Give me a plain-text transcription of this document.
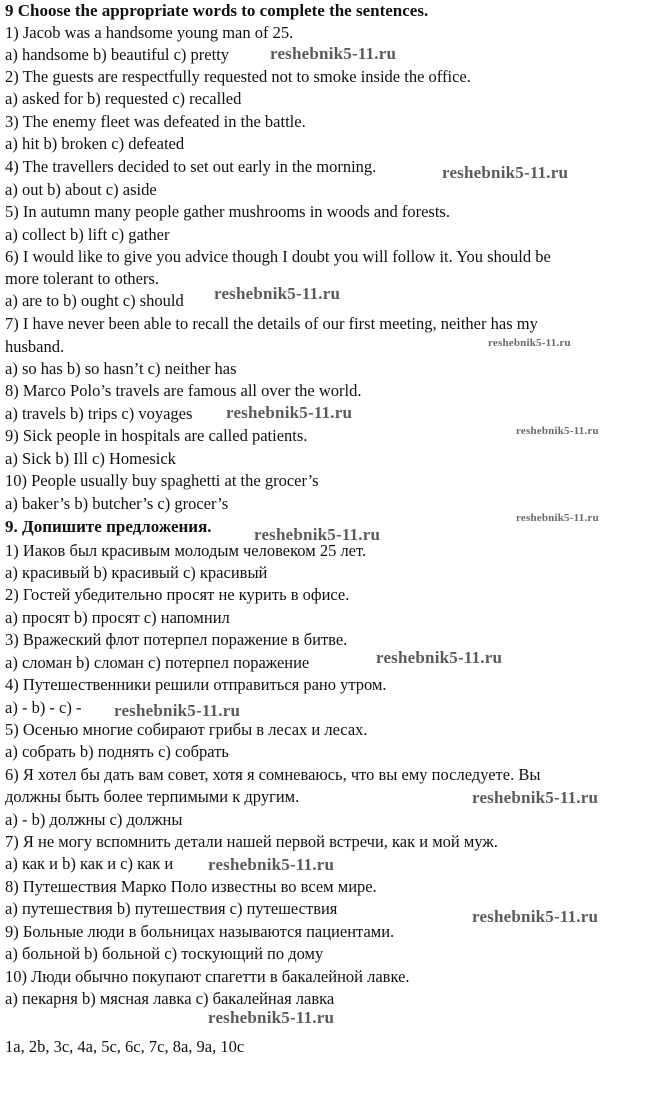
9 Choose the appropriate words to complete the sentences.
1) Jacob was a handsome young man of 25.
a) handsome b) beautiful c) pretty
2) The guests are respectfully requested not to smoke inside the office.
a) asked for b) requested c) recalled
3) The enemy fleet was defeated in the battle.
a) hit b) broken c) defeated
4) The travellers decided to set out early in the morning.
a) out b) about c) aside
5) In autumn many people gather mushrooms in woods and forests.
a) collect b) lift c) gather
6) I would like to give you advice though I doubt you will follow it. You should be
more tolerant to others.
a) are to b) ought c) should
7) I have never been able to recall the details of our first meeting, neither has my
husband.
a) so has b) so hasn’t c) neither has
8) Marco Polo’s travels are famous all over the world.
a) travels b) trips c) voyages
9) Sick people in hospitals are called patients.
a) Sick b) Ill c) Homesick
10) People usually buy spaghetti at the grocer’s
a) baker’s b) butcher’s c) grocer’s
9. Допишите предложения.
1) Иаков был красивым молодым человеком 25 лет.
a) красивый b) красивый c) красивый
2) Гостей убедительно просят не курить в офисе.
a) просят b) просят c) напомнил
3) Вражеский флот потерпел поражение в битве.
a) сломан b) сломан c) потерпел поражение
4) Путешественники решили отправиться рано утром.
a) - b) - c) -
5) Осенью многие собирают грибы в лесах и лесах.
a) собрать b) поднять c) собрать
6) Я хотел бы дать вам совет, хотя я сомневаюсь, что вы ему последуете. Вы
должны быть более терпимыми к другим.
a) - b) должны c) должны
7) Я не могу вспомнить детали нашей первой встречи, как и мой муж.
a) как и b) как и c) как и
8) Путешествия Марко Поло известны во всем мире.
a) путешествия b) путешествия c) путешествия
9) Больные люди в больницах называются пациентами.
a) больной b) больной c) тоскующий по дому
10) Люди обычно покупают спагетти в бакалейной лавке.
a) пекарня b) мясная лавка c) бакалейная лавка
1a, 2b, 3c, 4a, 5c, 6c, 7c, 8a, 9a, 10c
reshebnik5-11.ru
reshebnik5-11.ru
reshebnik5-11.ru
reshebnik5-11.ru
reshebnik5-11.ru
reshebnik5-11.ru
reshebnik5-11.ru
reshebnik5-11.ru
reshebnik5-11.ru
reshebnik5-11.ru
reshebnik5-11.ru
reshebnik5-11.ru
reshebnik5-11.ru
reshebnik5-11.ru
